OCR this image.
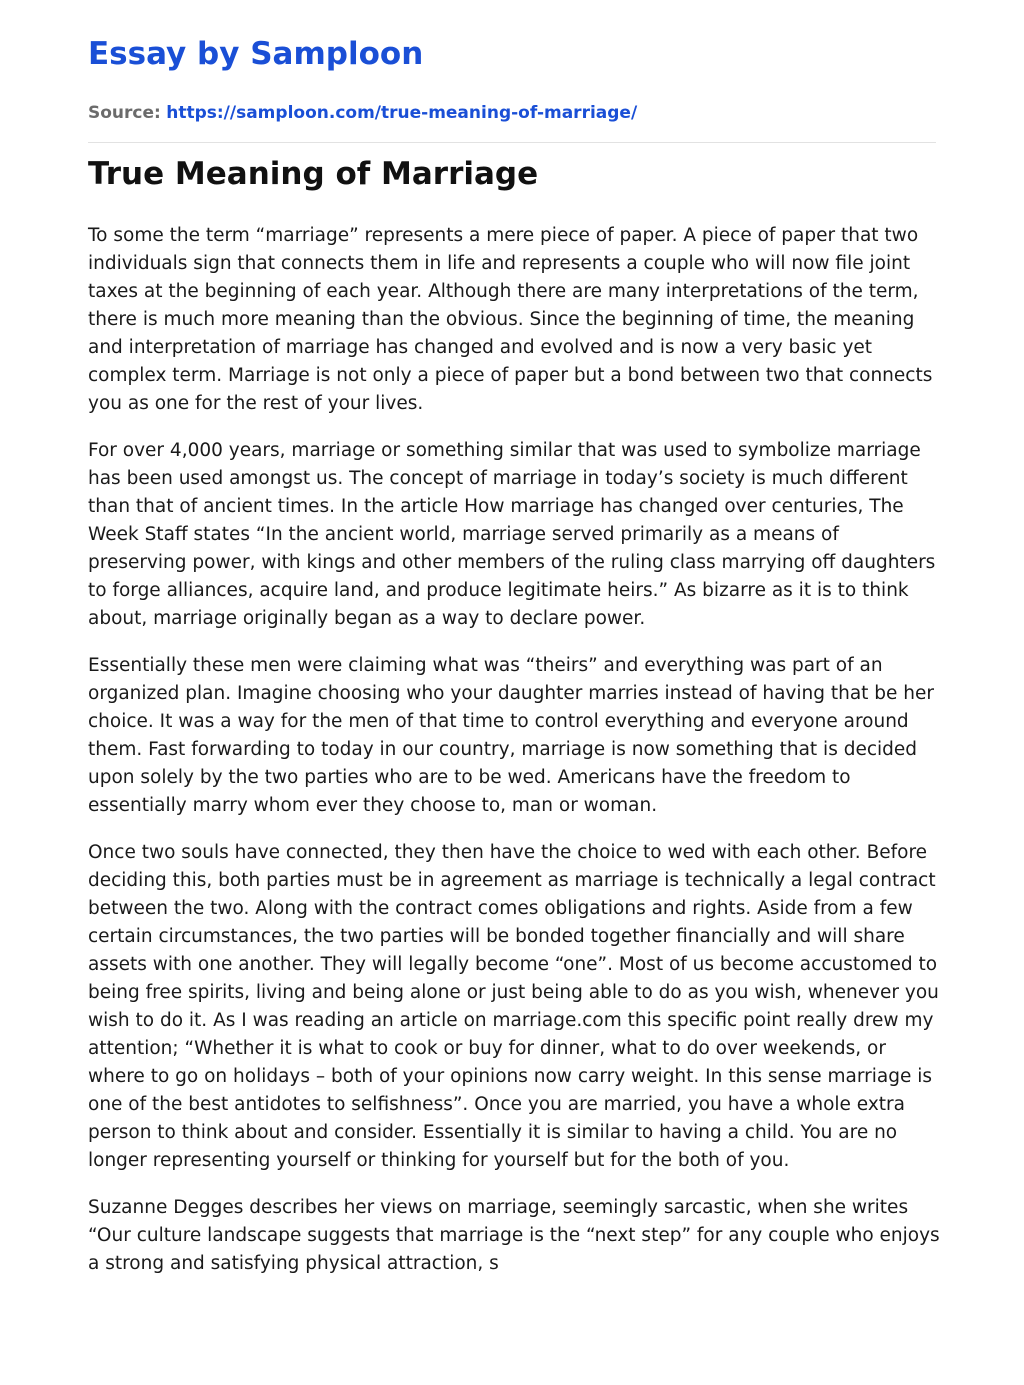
Essay by Samploon
Source: https://samploon.com/true-meaning-of-marriage/
True Meaning of Marriage

To some the term “marriage” represents a mere piece of paper. A piece of paper that two individuals sign that connects them in life and represents a couple who will now file joint taxes at the beginning of each year. Although there are many interpretations of the term, there is much more meaning than the obvious. Since the beginning of time, the meaning and interpretation of marriage has changed and evolved and is now a very basic yet complex term. Marriage is not only a piece of paper but a bond between two that connects you as one for the rest of your lives.

For over 4,000 years, marriage or something similar that was used to symbolize marriage has been used amongst us. The concept of marriage in today’s society is much different than that of ancient times. In the article How marriage has changed over centuries, The Week Staff states “In the ancient world, marriage served primarily as a means of preserving power, with kings and other members of the ruling class marrying off daughters to forge alliances, acquire land, and produce legitimate heirs.” As bizarre as it is to think about, marriage originally began as a way to declare power.

Essentially these men were claiming what was “theirs” and everything was part of an organized plan. Imagine choosing who your daughter marries instead of having that be her choice. It was a way for the men of that time to control everything and everyone around them. Fast forwarding to today in our country, marriage is now something that is decided upon solely by the two parties who are to be wed. Americans have the freedom to essentially marry whom ever they choose to, man or woman.

Once two souls have connected, they then have the choice to wed with each other. Before deciding this, both parties must be in agreement as marriage is technically a legal contract between the two. Along with the contract comes obligations and rights. Aside from a few certain circumstances, the two parties will be bonded together financially and will share assets with one another. They will legally become “one”. Most of us become accustomed to being free spirits, living and being alone or just being able to do as you wish, whenever you wish to do it. As I was reading an article on marriage.com this specific point really drew my attention; “Whether it is what to cook or buy for dinner, what to do over weekends, or where to go on holidays – both of your opinions now carry weight. In this sense marriage is one of the best antidotes to selfishness”. Once you are married, you have a whole extra person to think about and consider. Essentially it is similar to having a child. You are no longer representing yourself or thinking for yourself but for the both of you.

Suzanne Degges describes her views on marriage, seemingly sarcastic, when she writes “Our culture landscape suggests that marriage is the “next step” for any couple who enjoys a strong and satisfying physical attraction, s
